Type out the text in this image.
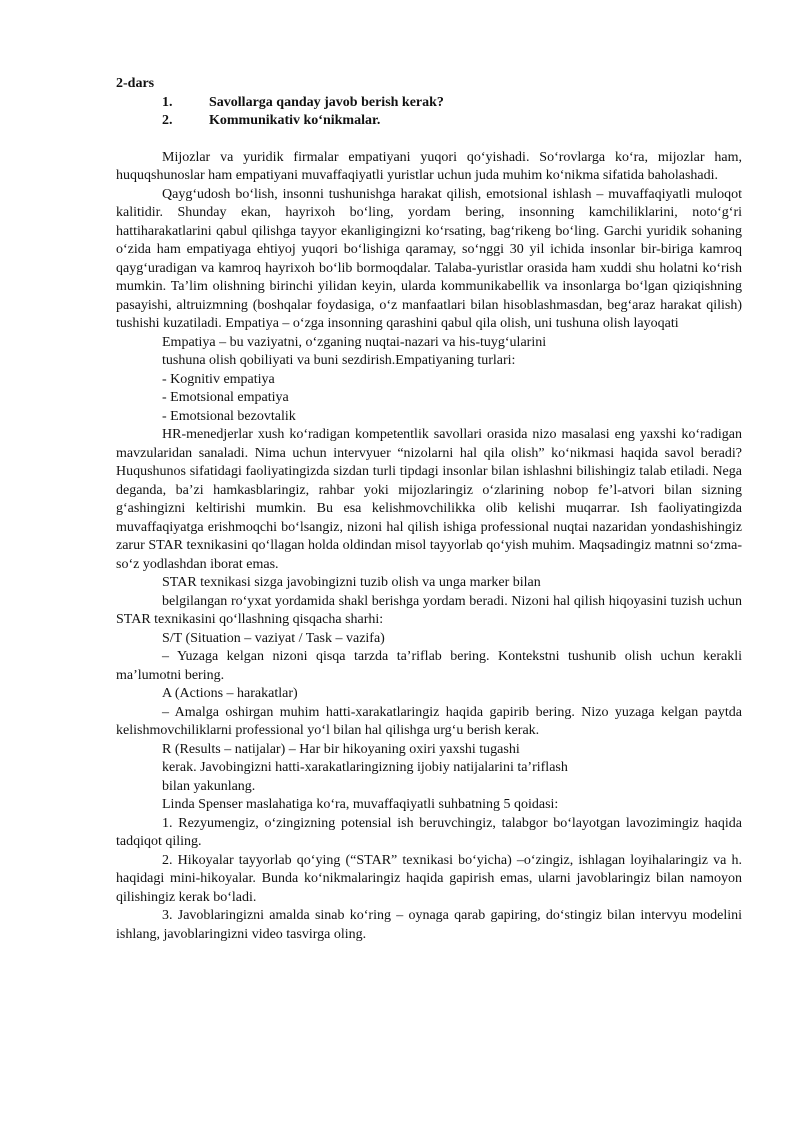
2-dars
1.	Savollarga qanday javob berish kerak?
2.	Kommunikativ ko‘nikmalar.

Mijozlar va yuridik firmalar empatiyani yuqori qo‘yishadi. So‘rovlarga ko‘ra, mijozlar ham, huquqshunoslar ham empatiyani muvaffaqiyatli yuristlar uchun juda muhim ko‘nikma sifatida baholashadi.

Qayg‘udosh bo‘lish, insonni tushunishga harakat qilish, emotsional ishlash – muvaffaqiyatli muloqot kalitidir. Shunday ekan, hayrixoh bo‘ling, yordam bering, insonning kamchiliklarini, noto‘g‘ri hattiharakatlarini qabul qilishga tayyor ekanligingizni ko‘rsating, bag‘rikeng bo‘ling. Garchi yuridik sohaning o‘zida ham empatiyaga ehtiyoj yuqori bo‘lishiga qaramay, so‘nggi 30 yil ichida insonlar bir-biriga kamroq qayg‘uradigan va kamroq hayrixoh bo‘lib bormoqdalar. Talaba-yuristlar orasida ham xuddi shu holatni ko‘rish mumkin. Ta’lim olishning birinchi yilidan keyin, ularda kommunikabellik va insonlarga bo‘lgan qiziqishning pasayishi, altruizmning (boshqalar foydasiga, o‘z manfaatlari bilan hisoblashmasdan, beg‘araz harakat qilish) tushishi kuzatiladi. Empatiya – o‘zga insonning qarashini qabul qila olish, uni tushuna olish layoqati

Empatiya – bu vaziyatni, o‘zganing nuqtai-nazari va his-tuyg‘ularini

tushuna olish qobiliyati va buni sezdirish.Empatiyaning turlari:

- Kognitiv empatiya

- Emotsional empatiya

- Emotsional bezovtalik

HR-menedjerlar xush ko‘radigan kompetentlik savollari orasida nizo masalasi eng yaxshi ko‘radigan mavzularidan sanaladi. Nima uchun intervyuer “nizolarni hal qila olish” ko‘nikmasi haqida savol beradi?Huqushunos sifatidagi faoliyatingizda sizdan turli tipdagi insonlar bilan ishlashni bilishingiz talab etiladi. Nega deganda, ba’zi hamkasblaringiz, rahbar yoki mijozlaringiz o‘zlarining nobop fe’l-atvori bilan sizning g‘ashingizni keltirishi mumkin. Bu esa kelishmovchilikka olib kelishi muqarrar. Ish faoliyatingizda muvaffaqiyatga erishmoqchi bo‘lsangiz, nizoni hal qilish ishiga professional nuqtai nazaridan yondashishingiz zarur STAR texnikasini qo‘llagan holda oldindan misol tayyorlab qo‘yish muhim. Maqsadingiz matnni so‘zma-so‘z yodlashdan iborat emas.

STAR texnikasi sizga javobingizni tuzib olish va unga marker bilan

belgilangan ro‘yxat yordamida shakl berishga yordam beradi. Nizoni hal qilish hiqoyasini tuzish uchun STAR texnikasini qo‘llashning qisqacha sharhi:

S/T (Situation – vaziyat / Task – vazifa)

– Yuzaga kelgan nizoni qisqa tarzda ta’riflab bering. Kontekstni tushunib olish uchun kerakli ma’lumotni bering.

A (Actions – harakatlar)

– Amalga oshirgan muhim hatti-xarakatlaringiz haqida gapirib bering. Nizo yuzaga kelgan paytda kelishmovchiliklarni professional yo‘l bilan hal qilishga urg‘u berish kerak.

R (Results – natijalar) – Har bir hikoyaning oxiri yaxshi tugashi

kerak. Javobingizni hatti-xarakatlaringizning ijobiy natijalarini ta’riflash

bilan yakunlang.

Linda Spenser maslahatiga ko‘ra, muvaffaqiyatli suhbatning 5 qoidasi:

1. Rezyumengiz, o‘zingizning potensial ish beruvchingiz, talabgor bo‘layotgan lavozimingiz haqida tadqiqot qiling.

2. Hikoyalar tayyorlab qo‘ying (“STAR” texnikasi bo‘yicha) –o‘zingiz, ishlagan loyihalaringiz va h. haqidagi mini-hikoyalar. Bunda ko‘nikmalaringiz haqida gapirish emas, ularni javoblaringiz bilan namoyon qilishingiz kerak bo‘ladi.

3. Javoblaringizni amalda sinab ko‘ring – oynaga qarab gapiring, do‘stingiz bilan intervyu modelini ishlang, javoblaringizni video tasvirga oling.
